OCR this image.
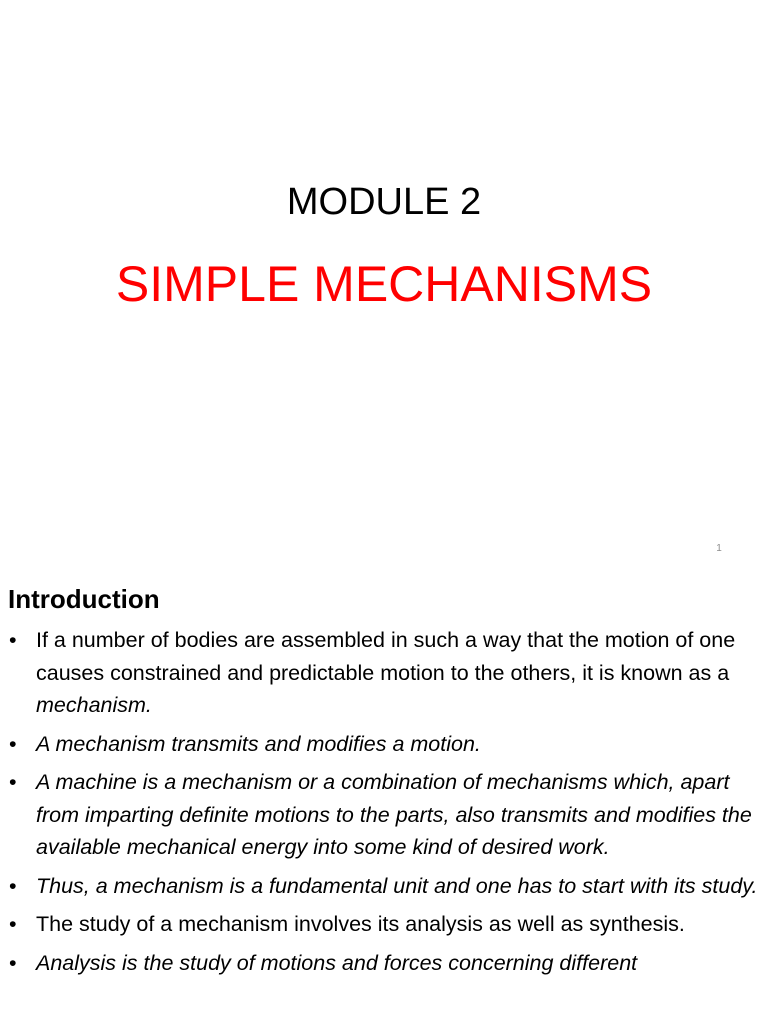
MODULE 2
SIMPLE MECHANISMS
1
Introduction
• If a number of bodies are assembled in such a way that the motion of one causes constrained and predictable motion to the others, it is known as a mechanism.
• A mechanism transmits and modifies a motion.
• A machine is a mechanism or a combination of mechanisms which, apart from imparting definite motions to the parts, also transmits and modifies the available mechanical energy into some kind of desired work.
• Thus, a mechanism is a fundamental unit and one has to start with its study.
• The study of a mechanism involves its analysis as well as synthesis.
• Analysis is the study of motions and forces concerning different
